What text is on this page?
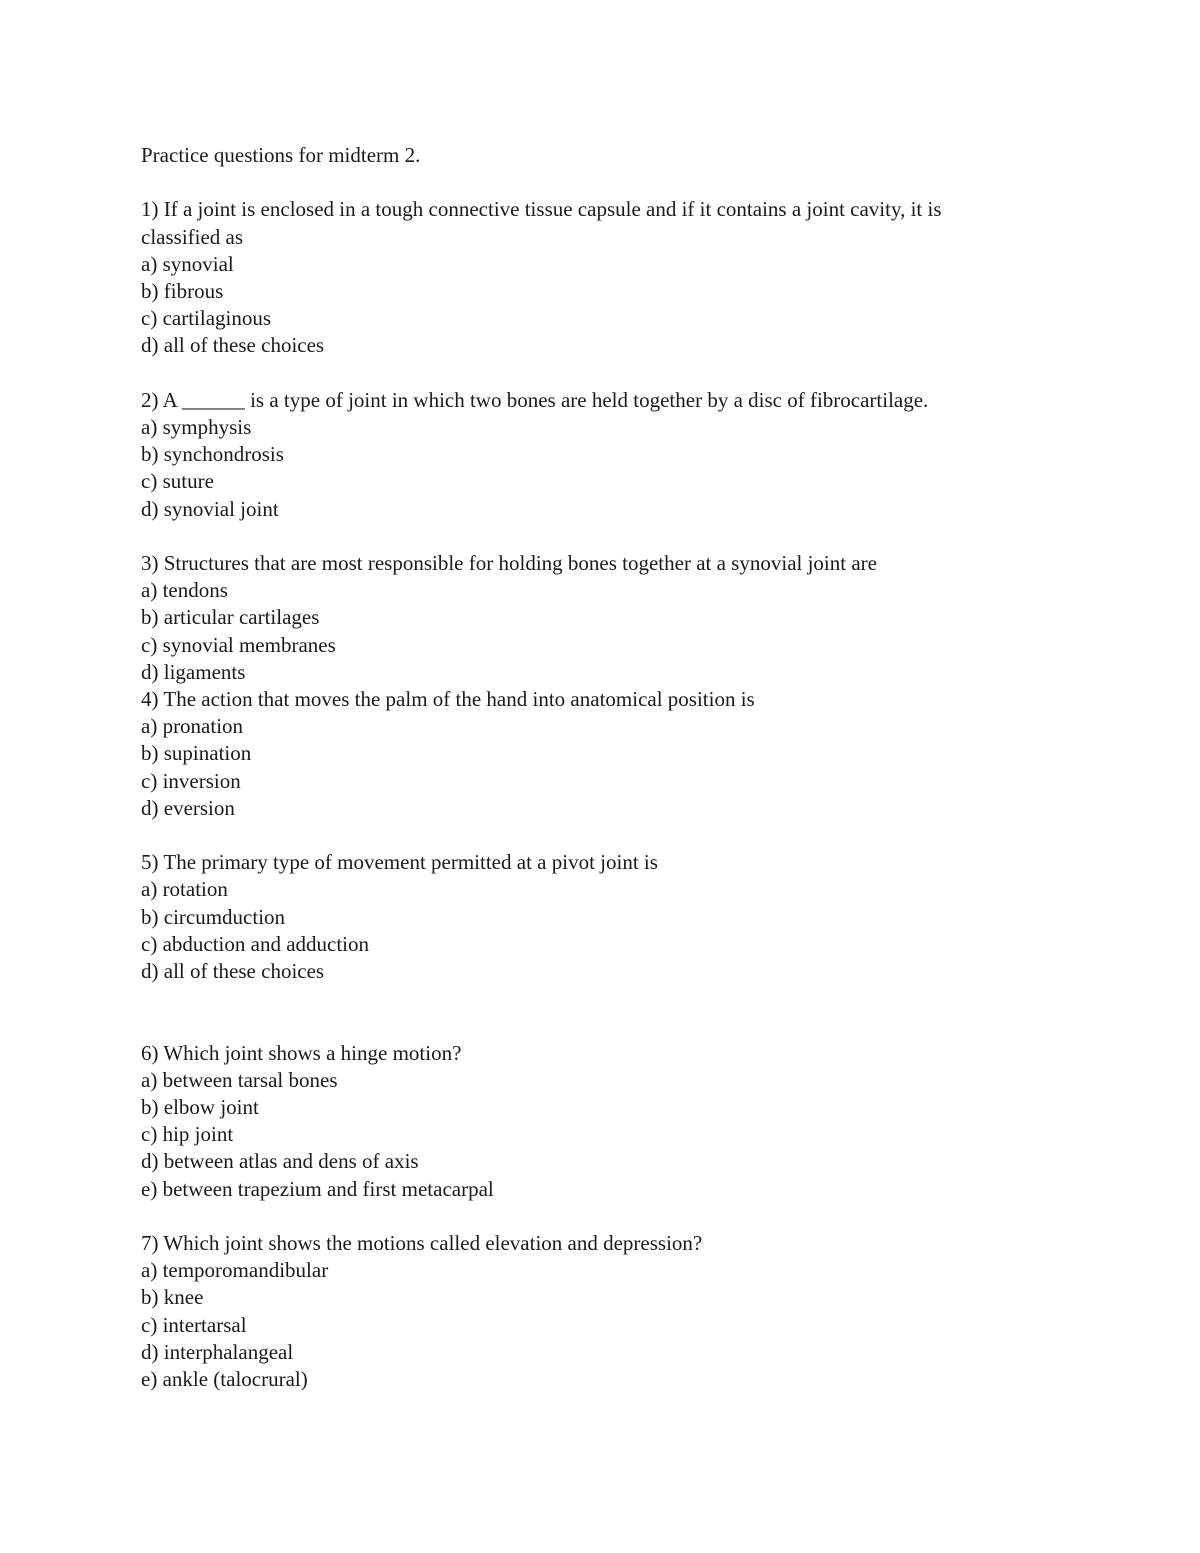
Practice questions for midterm 2.
1) If a joint is enclosed in a tough connective tissue capsule and if it contains a joint cavity, it is
classified as
a) synovial
b) fibrous
c) cartilaginous
d) all of these choices
2) A ______ is a type of joint in which two bones are held together by a disc of fibrocartilage.
a) symphysis
b) synchondrosis
c) suture
d) synovial joint
3) Structures that are most responsible for holding bones together at a synovial joint are
a) tendons
b) articular cartilages
c) synovial membranes
d) ligaments
4) The action that moves the palm of the hand into anatomical position is
a) pronation
b) supination
c) inversion
d) eversion
5) The primary type of movement permitted at a pivot joint is
a) rotation
b) circumduction
c) abduction and adduction
d) all of these choices
6) Which joint shows a hinge motion?
a) between tarsal bones
b) elbow joint
c) hip joint
d) between atlas and dens of axis
e) between trapezium and first metacarpal
7) Which joint shows the motions called elevation and depression?
a) temporomandibular
b) knee
c) intertarsal
d) interphalangeal
e) ankle (talocrural)
